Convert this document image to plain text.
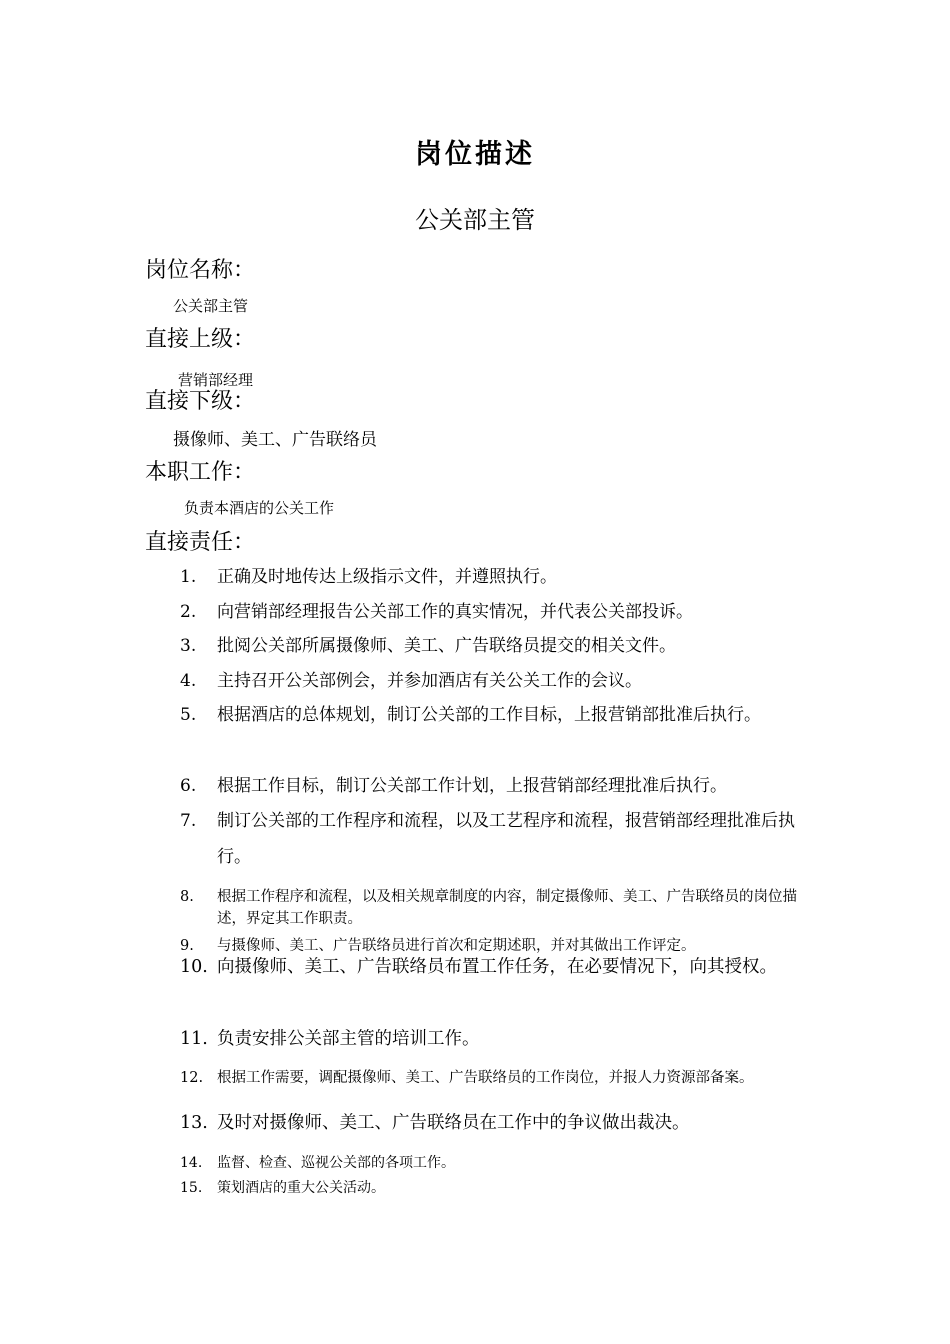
岗位描述
公关部主管
岗位名称：
公关部主管
直接上级：
营销部经理
直接下级：
摄像师、美工、广告联络员
本职工作：
负责本酒店的公关工作
直接责任：
1.	正确及时地传达上级指示文件，并遵照执行。
2.	向营销部经理报告公关部工作的真实情况，并代表公关部投诉。
3.	批阅公关部所属摄像师、美工、广告联络员提交的相关文件。
4.	主持召开公关部例会，并参加酒店有关公关工作的会议。
5.	根据酒店的总体规划，制订公关部的工作目标，上报营销部批准后执行。
6.	根据工作目标，制订公关部工作计划，上报营销部经理批准后执行。
7.	制订公关部的工作程序和流程，以及工艺程序和流程，报营销部经理批准后执行。
8.	根据工作程序和流程，以及相关规章制度的内容，制定摄像师、美工、广告联络员的岗位描述，界定其工作职责。
9.	与摄像师、美工、广告联络员进行首次和定期述职，并对其做出工作评定。
10. 向摄像师、美工、广告联络员布置工作任务，在必要情况下，向其授权。
11. 负责安排公关部主管的培训工作。
12. 根据工作需要，调配摄像师、美工、广告联络员的工作岗位，并报人力资源部备案。
13. 及时对摄像师、美工、广告联络员在工作中的争议做出裁决。
14.	监督、检查、巡视公关部的各项工作。
15.	策划酒店的重大公关活动。
